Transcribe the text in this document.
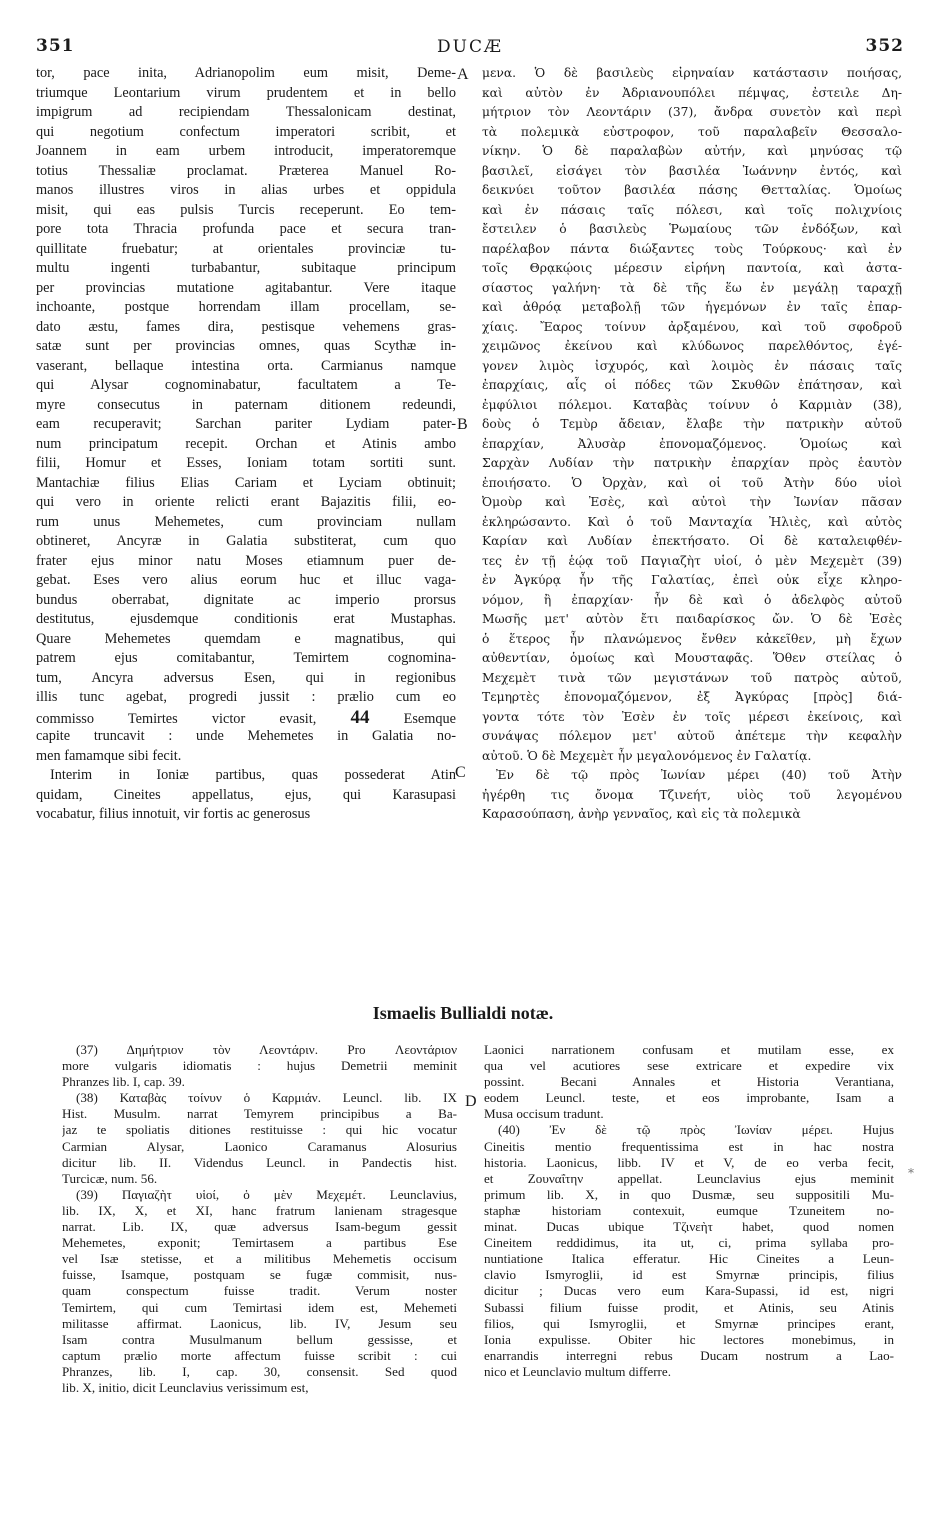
351	DUCÆ	352
tor, pace inita, Adrianopolim eum misit, Deme-
triumque Leontarium virum prudentem et in bello
impigrum ad recipiendam Thessalonicam destinat,
qui negotium confectum imperatori scribit, et
Joannem in eam urbem introducit, imperatoremque
totius Thessaliæ proclamat. Præterea Manuel Ro-
manos illustres viros in alias urbes et oppidula
misit, qui eas pulsis Turcis receperunt. Eo tem-
pore tota Thracia profunda pace et secura tran-
quillitate fruebatur; at orientales provinciæ tu-
multu ingenti turbabantur, subitaque principum
per provincias mutatione agitabantur. Vere itaque
inchoante, postque horrendam illam procellam, se-
dato æstu, fames dira, pestisque vehemens gras-
satæ sunt per provincias omnes, quas Scythæ in-
vaserant, bellaque intestina orta. Carmianus namque
qui Alysar cognominabatur, facultatem a Te-
myre consecutus in paternam ditionem redeundi,
eam recuperavit; Sarchan pariter Lydiam pater-
num principatum recepit. Orchan et Atinis ambo
filii, Homur et Esses, Ioniam totam sortiti sunt.
Mantachiæ filius Elias Cariam et Lyciam obtinuit;
qui vero in oriente relicti erant Bajazitis filii, eo-
rum unus Mehemetes, cum provinciam nullam
obtineret, Ancyræ in Galatia substiterat, cum quo
frater ejus minor natu Moses etiamnum puer de-
gebat. Eses vero alius eorum huc et illuc vaga-
bundus oberrabat, dignitate ac imperio prorsus
destitutus, ejusdemque conditionis erat Mustaphas.
Quare Mehemetes quemdam e magnatibus, qui
patrem ejus comitabantur, Temirtem cognomina-
tum, Ancyra adversus Esen, qui in regionibus
illis tunc agebat, progredi jussit : prælio cum eo
commisso Temirtes victor evasit, 44 Esemque
capite truncavit : unde Mehemetes in Galatia no-
men famamque sibi fecit.
Interim in Ioniæ partibus, quas possederat Atin
quidam, Cineites appellatus, ejus, qui Karasupasi
vocabatur, filius innotuit, vir fortis ac generosus
μενα. Ὁ δὲ βασιλεὺς εἰρηναίαν κατάστασιν ποιήσας,
καὶ αὐτὸν ἐν Ἀδριανουπόλει πέμψας, ἐστειλε Δη-
μήτριον τὸν Λεοντάριν (37), ἄνδρα συνετὸν καὶ περὶ
τὰ πολεμικὰ εὐστροφον, τοῦ παραλαβεῖν Θεσσαλο-
νίκην. Ὁ δὲ παραλαβὼν αὐτήν, καὶ μηνύσας τῷ
βασιλεῖ, εἰσάγει τὸν βασιλέα Ἰωάννην ἐντός, καὶ
δεικνύει τοῦτον βασιλέα πάσης Θετταλίας. Ὁμοίως
καὶ ἐν πάσαις ταῖς πόλεσι, καὶ τοῖς πολιχνίοις
ἔστειλεν ὁ βασιλεὺς Ῥωμαίους τῶν ἐνδόξων, καὶ
παρέλαβον πάντα διώξαντες τοὺς Τούρκους· καὶ ἐν
τοῖς Θρᾳκῴοις μέρεσιν εἰρήνη παντοία, καὶ ἀστα-
σίαστος γαλήνη· τὰ δὲ τῆς ἕω ἐν μεγάλῃ ταραχῇ
καὶ ἀθρόᾳ μεταβολῇ τῶν ἡγεμόνων ἐν ταῖς ἐπαρ-
χίαις. Ἔαρος τοίνυν ἀρξαμένου, καὶ τοῦ σφοδροῦ
χειμῶνος ἐκείνου καὶ κλύδωνος παρελθόντος, ἐγέ-
γονεν λιμὸς ἰσχυρός, καὶ λοιμὸς ἐν πάσαις ταῖς
ἐπαρχίαις, αἷς οἱ πόδες τῶν Σκυθῶν ἐπάτησαν, καὶ
ἐμφύλιοι πόλεμοι. Καταβὰς τοίνυν ὁ Καρμιὰν (38),
δοὺς ὁ Τεμὺρ ἄδειαν, ἔλαβε τὴν πατρικὴν αὐτοῦ
ἐπαρχίαν, Ἀλυσὰρ ἐπονομαζόμενος. Ὁμοίως καὶ
Σαρχὰν Λυδίαν τὴν πατρικὴν ἐπαρχίαν πρὸς ἑαυτὸν
ἐποιήσατο. Ὁ Ὀρχὰν, καὶ οἱ τοῦ Ἀτὴν δύο υἱοὶ
Ὀμοὺρ καὶ Ἐσὲς, καὶ αὐτοὶ τὴν Ἰωνίαν πᾶσαν
ἐκληρώσαντο. Καὶ ὁ τοῦ Μανταχία Ἠλιὲς, καὶ αὐτὸς
Καρίαν καὶ Λυδίαν ἐπεκτήσατο. Οἱ δὲ καταλειφθέν-
τες ἐν τῇ ἑῴᾳ τοῦ Παγιαζὴτ υἱοί, ὁ μὲν Μεχεμὲτ (39)
ἐν Ἀγκύρᾳ ἦν τῆς Γαλατίας, ἐπεὶ οὐκ εἶχε κληρο-
νόμον, ἢ ἐπαρχίαν· ἦν δὲ καὶ ὁ ἀδελφὸς αὐτοῦ
Μωσῆς μετ' αὐτὸν ἔτι παιδαρίσκος ὤν. Ὁ δὲ Ἐσὲς
ὁ ἕτερος ἦν πλανώμενος ἔνθεν κἀκεῖθεν, μὴ ἔχων
αὐθεντίαν, ὁμοίως καὶ Μουσταφᾶς. Ὅθεν στείλας ὁ
Μεχεμὲτ τινὰ τῶν μεγιστάνων τοῦ πατρὸς αὐτοῦ,
Τεμηρτὲς ἐπονομαζόμενον, ἐξ Ἀγκύρας [πρὸς] διά-
γοντα τότε τὸν Ἐσὲν ἐν τοῖς μέρεσι ἐκείνοις, καὶ
συνάψας πόλεμον μετ' αὐτοῦ ἀπέτεμε τὴν κεφαλὴν
αὐτοῦ. Ὁ δὲ Μεχεμὲτ ἦν μεγαλονόμενος ἐν Γαλατίᾳ.
Ἐν δὲ τῷ πρὸς Ἰωνίαν μέρει (40) τοῦ Ἀτὴν
ἠγέρθη τις ὄνομα Τζινεήτ, υἱὸς τοῦ λεγομένου
Καρασούπαση, ἀνὴρ γενναῖος, καὶ εἰς τὰ πολεμικὰ
A
B
C
D
Ismaelis Bullialdi notæ.
(37) Δημήτριον τὸν Λεοντάριν. Pro Λεοντάριον
more vulgaris idiomatis : hujus Demetrii meminit
Phranzes lib. I, cap. 39.
(38) Καταβὰς τοίνυν ὁ Καρμιάν. Leuncl. lib. IX
Hist. Musulm. narrat Temyrem principibus a Ba-
jaz te spoliatis ditiones restituisse : qui hic vocatur
Carmian Alysar, Laonico Caramanus Alosurius
dicitur lib. II. Videndus Leuncl. in Pandectis hist.
Turcicæ, num. 56.
(39) Παγιαζὴτ υἱοί, ὁ μὲν Μεχεμέτ. Leunclavius,
lib. IX, X, et XI, hanc fratrum lanienam stragesque
narrat. Lib. IX, quæ adversus Isam-begum gessit
Mehemetes, exponit; Temirtasem a partibus Ese
vel Isæ stetisse, et a militibus Mehemetis occisum
fuisse, Isamque, postquam se fugæ commisit, nus-
quam conspectum fuisse tradit. Verum noster
Temirtem, qui cum Temirtasi idem est, Mehemeti
militasse affirmat. Laonicus, lib. IV, Jesum seu
Isam contra Musulmanum bellum gessisse, et
captum prælio morte affectum fuisse scribit : cui
Phranzes, lib. I, cap. 30, consensit. Sed quod
lib. X, initio, dicit Leunclavius verissimum est,
Laonici narrationem confusam et mutilam esse, ex
qua vel acutiores sese extricare et expedire vix
possint. Becani Annales et Historia Verantiana,
eodem Leuncl. teste, et eos improbante, Isam a
Musa occisum tradunt.
(40) Ἐν δὲ τῷ πρὸς Ἰωνίαν μέρει. Hujus
Cineitis mentio frequentissima est in hac nostra
historia. Laonicus, libb. IV et V, de eo verba fecit,
et Ζουναΐτην appellat. Leunclavius ejus meminit
primum lib. X, in quo Dusmæ, seu suppositili Mu-
staphæ historiam contexuit, eumque Tzuneitem no-
minat. Ducas ubique Τζινεὴτ habet, quod nomen
Cineitem reddidimus, ita ut, ci, prima syllaba pro-
nuntiatione Italica efferatur. Hic Cineites a Leun-
clavio Ismyroglii, id est Smyrnæ principis, filius
dicitur ; Ducas vero eum Kara-Supassi, id est, nigri
Subassi filium fuisse prodit, et Atinis, seu Atinis
filios, qui Ismyroglii, et Smyrnæ principes erant,
Ionia expulisse. Obiter hic lectores monebimus, in
enarrandis interregni rebus Ducam nostrum a Lao-
nico et Leunclavio multum differre.
*
